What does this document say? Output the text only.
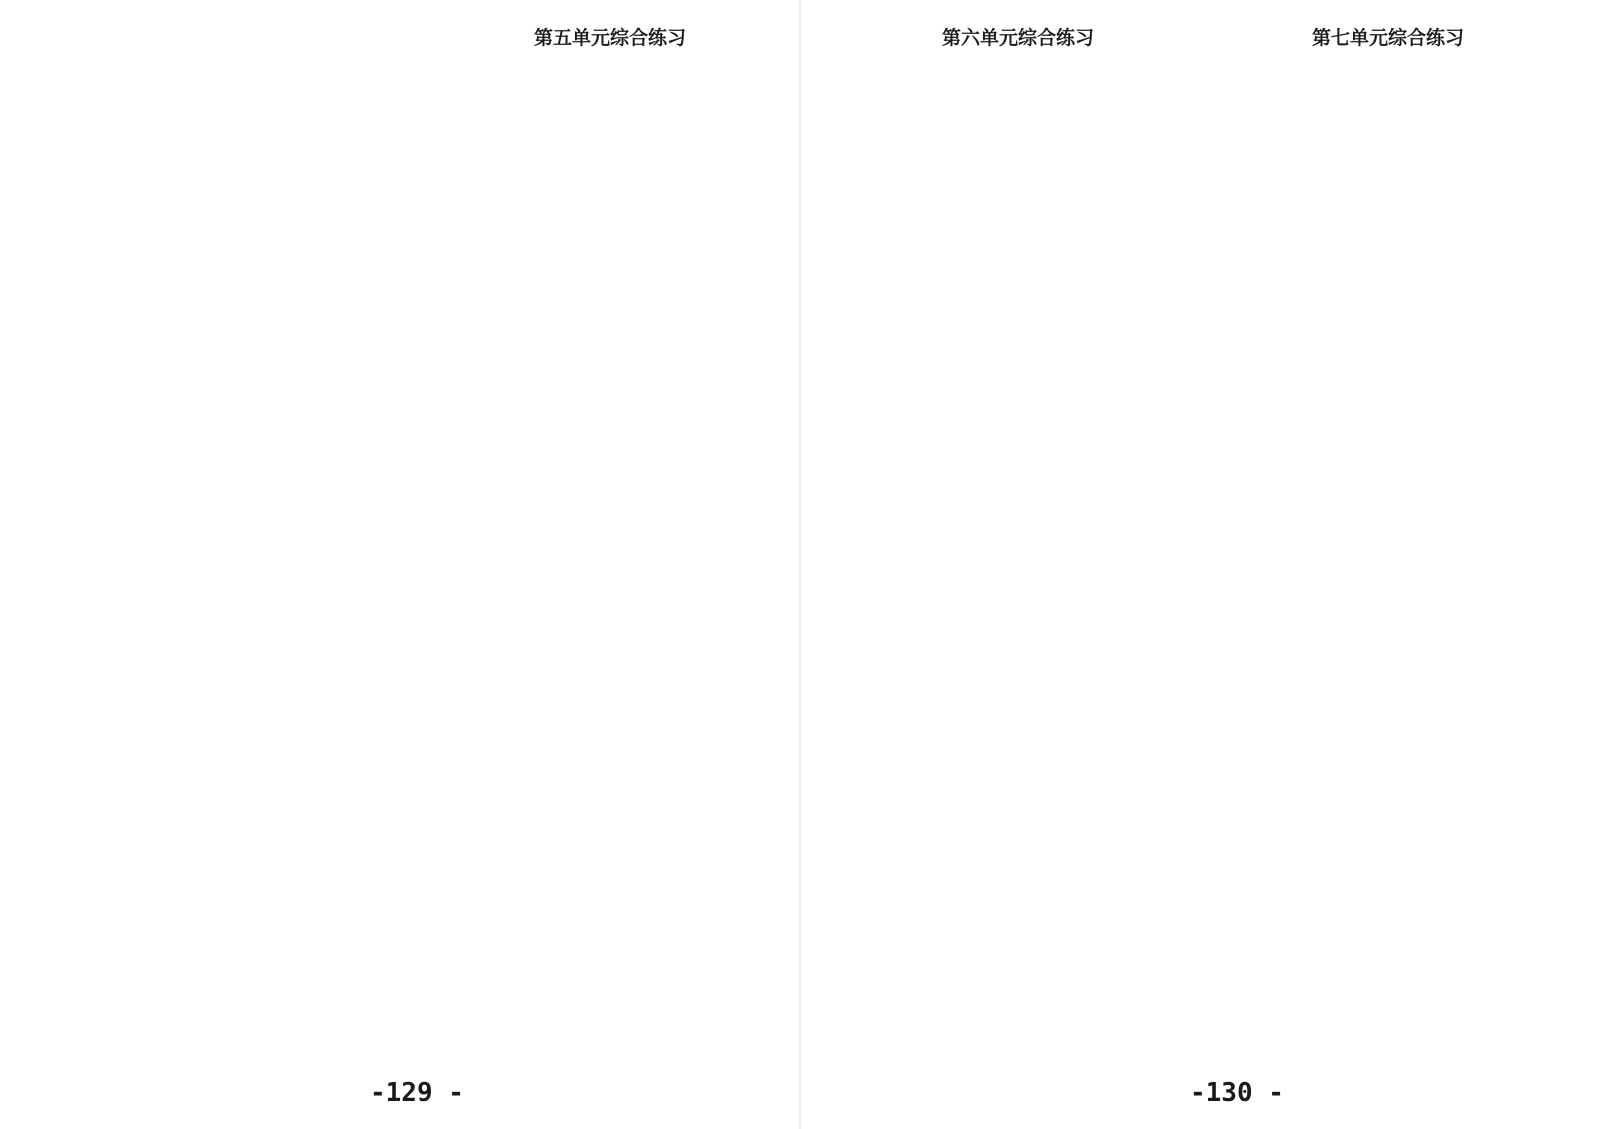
第五单元综合练习
-129 -
第六单元综合练习	第七单元综合练习
-130 -
